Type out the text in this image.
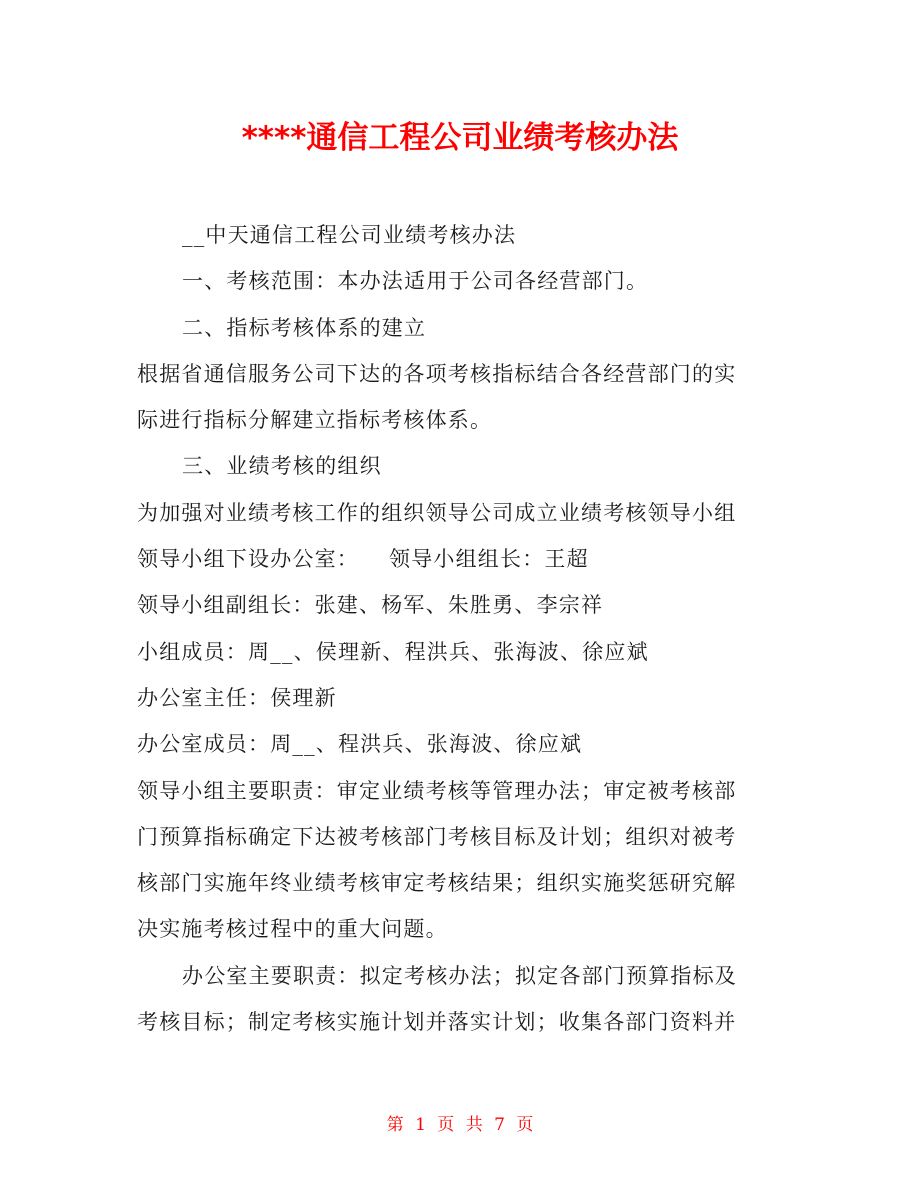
****通信工程公司业绩考核办法

__中天通信工程公司业绩考核办法

一、考核范围：本办法适用于公司各经营部门。

二、指标考核体系的建立

根据省通信服务公司下达的各项考核指标结合各经营部门的实

际进行指标分解建立指标考核体系。

三、业绩考核的组织

为加强对业绩考核工作的组织领导公司成立业绩考核领导小组

领导小组下设办公室： 领导小组组长：王超

领导小组副组长：张建、杨军、朱胜勇、李宗祥

小组成员：周__、侯理新、程洪兵、张海波、徐应斌

办公室主任：侯理新

办公室成员：周__、程洪兵、张海波、徐应斌

领导小组主要职责：审定业绩考核等管理办法；审定被考核部

门预算指标确定下达被考核部门考核目标及计划；组织对被考

核部门实施年终业绩考核审定考核结果；组织实施奖惩研究解

决实施考核过程中的重大问题。

办公室主要职责：拟定考核办法；拟定各部门预算指标及

考核目标；制定考核实施计划并落实计划；收集各部门资料并

第 1 页 共 7 页
